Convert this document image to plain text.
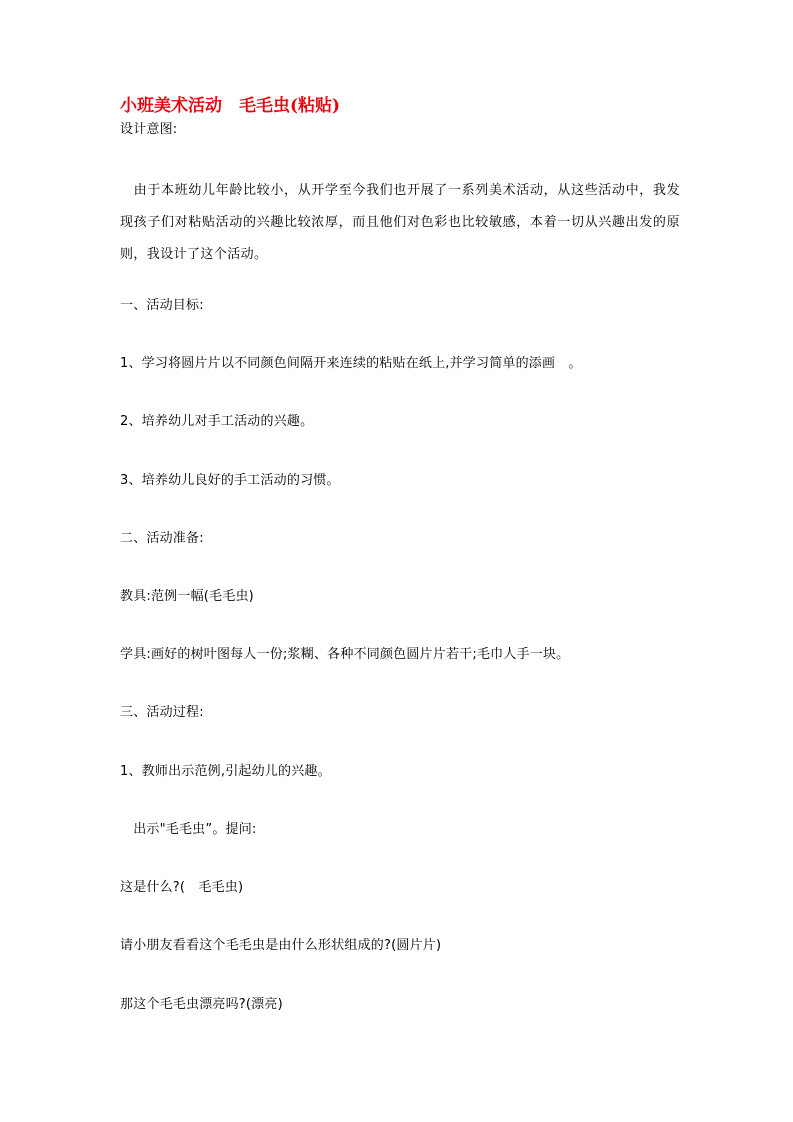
小班美术活动　毛毛虫(粘贴)
设计意图:
　由于本班幼儿年龄比较小，从开学至今我们也开展了一系列美术活动，从这些活动中，我发现孩子们对粘贴活动的兴趣比较浓厚，而且他们对色彩也比较敏感，本着一切从兴趣出发的原则，我设计了这个活动。
一、活动目标:
1、学习将圆片片以不同颜色间隔开来连续的粘贴在纸上,并学习简单的添画　。
2、培养幼儿对手工活动的兴趣。
3、培养幼儿良好的手工活动的习惯。
二、活动准备:
教具:范例一幅(毛毛虫)
学具:画好的树叶图每人一份;浆糊、各种不同颜色圆片片若干;毛巾人手一块。
三、活动过程:
1、教师出示范例,引起幼儿的兴趣。
　出示"毛毛虫”。提问:
这是什么?(　毛毛虫)
请小朋友看看这个毛毛虫是由什么形状组成的?(圆片片)
那这个毛毛虫漂亮吗?(漂亮)
